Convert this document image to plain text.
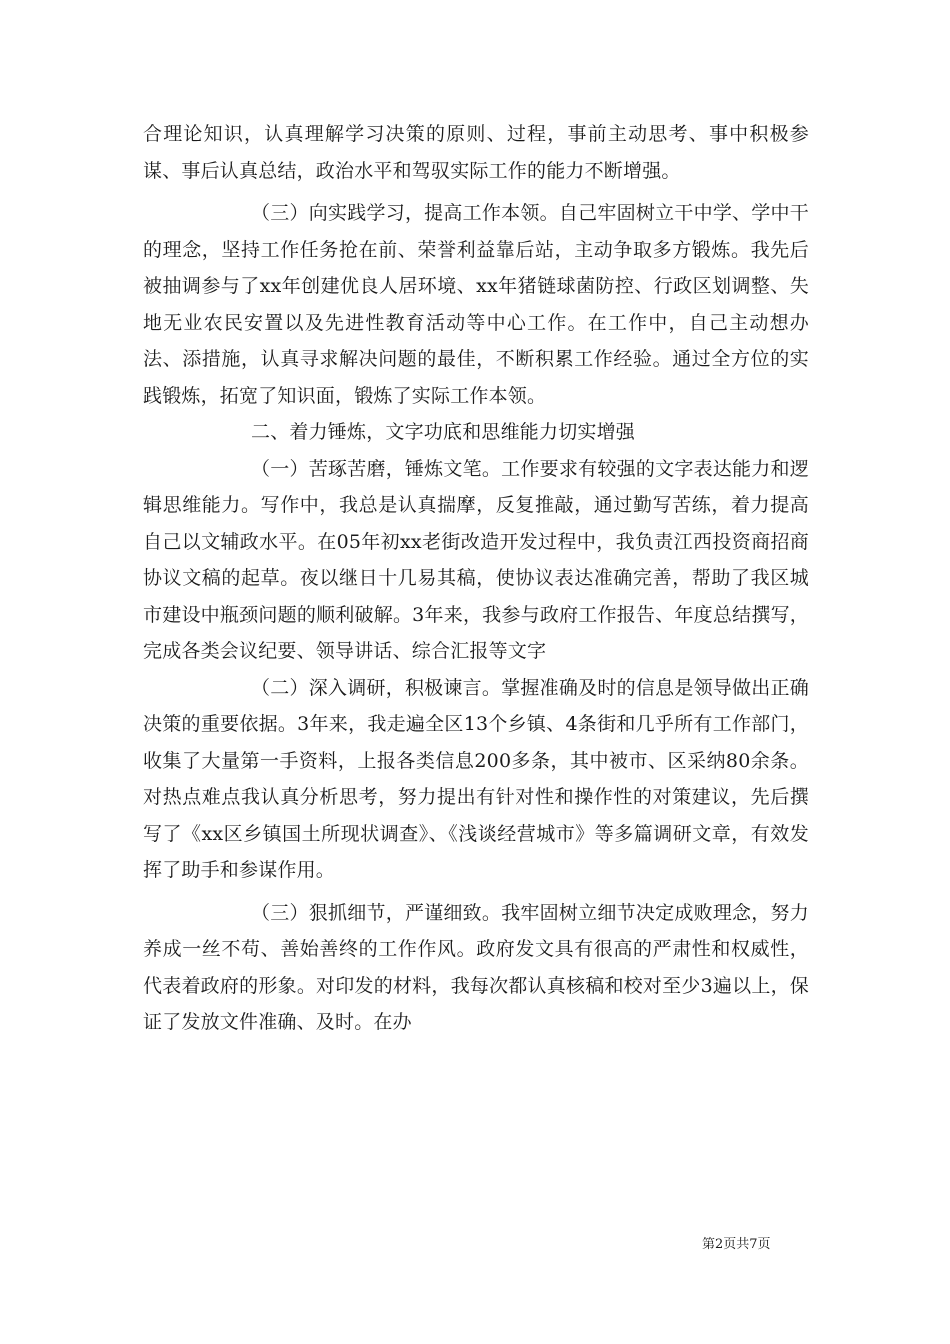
合理论知识，认真理解学习决策的原则、过程，事前主动思考、事中积极参谋、事后认真总结，政治水平和驾驭实际工作的能力不断增强。

（三）向实践学习，提高工作本领。自己牢固树立干中学、学中干的理念，坚持工作任务抢在前、荣誉利益靠后站，主动争取多方锻炼。我先后被抽调参与了xx年创建优良人居环境、xx年猪链球菌防控、行政区划调整、失地无业农民安置以及先进性教育活动等中心工作。在工作中，自己主动想办法、添措施，认真寻求解决问题的最佳，不断积累工作经验。通过全方位的实践锻炼，拓宽了知识面，锻炼了实际工作本领。

二、着力锤炼，文字功底和思维能力切实增强

（一）苦琢苦磨，锤炼文笔。工作要求有较强的文字表达能力和逻辑思维能力。写作中，我总是认真揣摩，反复推敲，通过勤写苦练，着力提高自己以文辅政水平。在05年初xx老街改造开发过程中，我负责江西投资商招商协议文稿的起草。夜以继日十几易其稿，使协议表达准确完善，帮助了我区城市建设中瓶颈问题的顺利破解。3年来，我参与政府工作报告、年度总结撰写，完成各类会议纪要、领导讲话、综合汇报等文字

（二）深入调研，积极谏言。掌握准确及时的信息是领导做出正确决策的重要依据。3年来，我走遍全区13个乡镇、4条街和几乎所有工作部门，收集了大量第一手资料，上报各类信息200多条，其中被市、区采纳80余条。对热点难点我认真分析思考，努力提出有针对性和操作性的对策建议，先后撰写了《xx区乡镇国土所现状调查》、《浅谈经营城市》等多篇调研文章，有效发挥了助手和参谋作用。

（三）狠抓细节，严谨细致。我牢固树立细节决定成败理念，努力养成一丝不苟、善始善终的工作作风。政府发文具有很高的严肃性和权威性，代表着政府的形象。对印发的材料，我每次都认真核稿和校对至少3遍以上，保证了发放文件准确、及时。在办

第2页共7页
